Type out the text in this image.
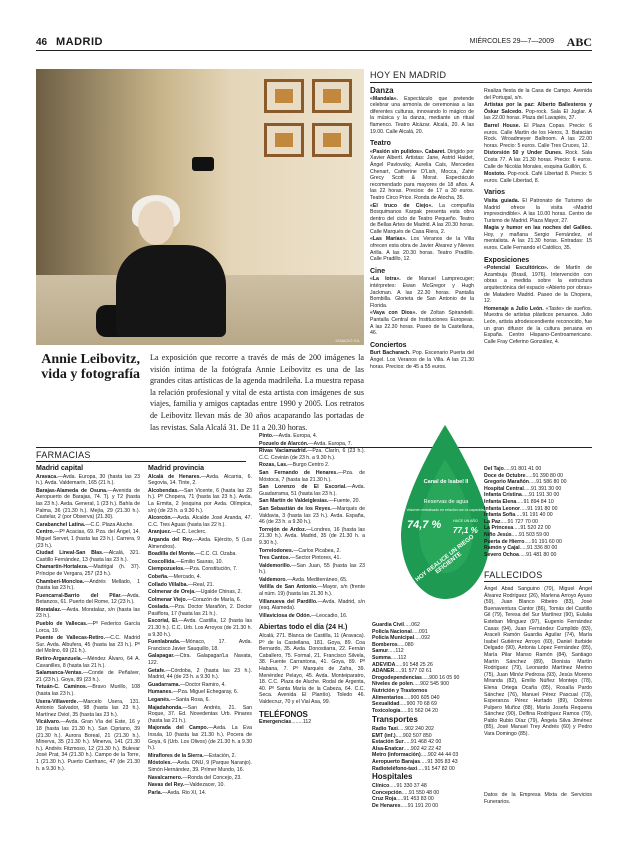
46 MADRID	MIÉRCOLES 29—7—2009 ABC
IGNACIO GIL
Annie Leibovitz, vida y fotografía
La exposición que recorre a través de más de 200 imágenes la visión íntima de la fotógrafa Annie Leibovitz es una de las grandes citas artísticas de la agenda madrileña. La muestra repasa la relación profesional y vital de esta artista con imágenes de sus viajes, familia y amigos captadas entre 1990 y 2005. Los retratos de Leibovitz llevan más de 30 años acaparando las portadas de las revistas. Sala Alcalá 31. De 11 a 20.30 horas.
HOY EN MADRID
Danza

«Mandala». Espectáculo que pretende celebrar una armonía de ceremonias a las diferentes culturas, innovando lo mágico de la música y la danza, mediante un ritual flamenco. Teatro Alcázar. Alcalá, 20. A las 19.00. Calle Alcalá, 20.

Teatro

«Pasión sin pulidos». Cabaret. Dirigido por Xavier Albertí. Artistas: Jane, Astrid Haidet, Ángel Pavlovsky, Aurelia Caís, Mercedes Chenart, Catherine D'Lish, Mocca, Zahir Grecy Scott & Morat. Espectáculo recomendado para mayores de 18 años. A las 22 horas. Precios: de 17 a 30 euros. Teatro Circo Price. Ronda de Atocha, 35.

«El truco de Ciejo». La compañía Bosquimanos Karpak presenta esta obra dentro del ciclo de Teatro Pequeño. Teatro de Bellas Artes de Madrid. A las 20.30 horas. Calle Marqués de Casa Riera, 2.

«Las Marías». Los Veranos de la Villa ofrecen esta obra de Javier Álvarez y Nieves Arilla. A las 20.30 horas. Teatro Pradillo. Calle Pradillo, 12.

Cine

«La lotra». de Manuel Lamprecuger; intérpretes: Ewan McGregor y Hugh Jackman. A las 22.30 horas. Pantalla Bombilla. Glorieta de San Antonio de la Florida.

«Vaya con Dios». de Zoltan Spirandelli. Pantalla Central de Instituciones Europeas. A las 22.30 horas. Paseo de la Castellana, 46.

Conciertos

Burt Bacharach. Pop. Escenario Puerta del Ángel. Los Veranos de la Villa. A las 21.30 horas. Precios: de 45 a 55 euros.

Realiza fiesta de la Casa de Campo. Avenida del Portugal, s/n.

Artistas por la paz: Alberto Ballesteros y Óskar Salcedo. Pop-rock. Sala El Juglar. A las 22.00 horas. Plaza del Lavapiés, 37.

Barrel House. El Plaza Copas. Precio: 6 euros. Calle Martín de los Heros, 3. Batacián Rock. Wroadmeyer Ballroom. A las 22.00 horas. Precio: 5 euros. Calle Tres Cruces, 12.

Distorsión 50 y Under Dunes. Rock. Sala Costa 77. A las 21.30 horas. Precio: 6 euros. Calle de Nicolás Morales, esquina Guillón, 6.

Mostoto. Pop-rock. Café Libertad 8. Precio: 5 euros. Calle Libertad, 8.

Varios

Visita guiada. El Patronato de Turismo de Madrid ofrece la visita «Madrid imprescindible». A las 10.00 horas. Centro de Turismo de Madrid. Plaza Mayor, 27.

Magia y humor en las noches del Galileo. Hoy, y mañana Sergio Fernández, el mentalista. A las 21.30 horas. Entradas: 15 euros. Calle Fernando el Católico, 35.

Exposiciones

«Potencial Escultórico». de Martín de Azambuja (Brasil, 1976). Intervención con obras a medida sobre la estructura arquitectónica del espacio «Abierto por obras» de Matadero Madrid. Paseo de la Chopera, 12.

Homenaje a Julio León. «Taste» de sueños. Muestra de artistas plásticos peruanos. Julio León, artista afrodescendiente reconocido, fue un gran difusor de la cultura peruana en España. Centro Hispano-Centroamericano. Calle Fray Ceferino González, 4.

FARMACIAS
Madrid capital

Aravaca.—Avda. Europa, 30 (hasta las 23 h.). Avda. Valdemarín, 165 (21 h.).

Barajas-Alameda de Osuna.—Avenida de Aeropuerto de Barajas, 74. Tj. y T2 (hasta las 23 h.). Avda. General, 1 (23 h.). Bahía de Palma, 36 (21.30 h.). Mejía, 29 (21.30 h.). Castelar, 2 (por Observa) (21.30).

Carabanchel Latina.—C.C. Plaza Aluche.

Centro.—Pº Acacias, 69. Pza. del Ángel, 14. Miguel Servet, 1 (hasta las 23 h.). Carrera, 9 (23 h.).

Ciudad Lineal-San Blas.—Alcalá, 321. Castillo Fernández, 13 (hasta las 23 h.).

Chamartín-Hortaleza.—Madrigal (h. 37). Príncipe de Vergara, 257 (23 h.).

Chamberí-Moncloa.—Andrés Mellado, 1 (hasta las 23 h.).

Fuencarral-Barrio del Pilar.—Avda. Betanzos, 61. Puerto del Rome, 12 (23 h.).

Moratalaz.—Avda. Moratalaz, s/n (hasta las 23 h.).

Pueblo de Vallecas.—Pº Federico García Lorca, 19.

Puente de Vallecas-Retiro.—C.C. Madrid Sur. Avda. Albufera, 45 (hasta las 23 h.). Pº del Molino, 69 (21 h.).

Retiro-Arganzuela.—Méndez Álvaro, 64 A. Cavanilles, 8 (hasta las 21 h.).

Salamanca-Ventas.—Conde de Peñalver, 21 (23 h.). Goya, 89 (23 h.).

Tetuán-C. Caminos.—Bravo Murillo, 108 (hasta las 23 h.).

Usera-Villaverde.—Marcelo Usera, 131. Antonio Salvador, 98 (hasta las 23 h.). Martínez Oviol, 35 (hasta las 23 h.).

Vicálvaro.—Avda. Gran Vía del Este, 16 y 18 (hasta las 21.30 h.). San Cipriano, 39 (21.30 h.). Aurora Boreal, 21 (21.30 h.). Minerva, 35 (21.30 h.). Minerva, 141 (21.30 h.). Andrés Fitzmoso, 12 (21.30 h.). Bulevar José Prat, 34 (21.30 h.). Campo de la Torre, 1 (21.30 h.). Puerto Canfranc, 47 (de 21.30 h. a 9.30 h.).

Madrid provincia

Alcalá de Henares.—Avda. Alcarria, 6. Segovia, 14. Tinte, 2.

Alcobendas.—San Vicente, 6 (hasta las 23 h.). Pº Chopera, 71 (hasta las 23 h.). Avda. La Ermita, 2 (esquina por Avda. Olímpica, s/n) (de 23 h. a 9.30 h.).

Alcorcón.—Avda. Alcalde José Aranda, 47. C.C. Tres Aguas (hasta las 22 h.).

Aranjuez.—C.C. Leclerc.

Arganda del Rey.—Avda. Ejército, 5 (Los Almendros).

Boadilla del Monte.—C.C. Cl. Ozaba.

Coscollida.—Emilio Sauras, 10.

Ciempozuelos.—Pza. Constitución, 7.

Cobeña.—Mercado, 4.

Collado Villalba.—Real, 21.

Colmenar de Oreja.—Ugalde Chinas, 2.

Colmenar Viejo.—Corazón de María, 6.

Coslada.—Pza. Doctor Marañón, 2. Doctor Pasiflora, 17 (hasta las 21 h.).

Escorial, El.—Avda. Castilla, 12 (hasta las 21.30 h.). C.C. Urb. Los Arroyos (de 21.30 h. a 9.30 h.).

Fuenlabrada.—Mónaco, 17. Avda. Francisco Javier Sauquillo, 18.

Galapagar.—Ctra. Galapagar/La Navata, 122.

Getafe.—Córdoba, 2 (hasta las 23 h.). Madrid, 44 (de 23 h. a 9.30 h.).

Guadarrama.—Doctor Ramiro, 4.

Humanes.—Pza. Miguel Echegaray, 6.

Leganés.—Santa Rosa, 6.

Majadahonda.—San Andrés, 21. San Roque, 37. Ed. Novedentas Urb. Pinares (hasta las 21 h.).

Majorada del Campo.—Avda. La Eva Insula, 10 (hasta las 21.30 h.). Pocera de Goya, 6 (Urb. Los Olivos) (de 21.30 h. a 9.30 h.).

Miraflores de la Sierra.—Estación, 2.

Móstoles.—Avda. ONU, 9 (Parque Naranjo). Simón Hernández, 39. Prímer Mundo, 16.

Navalcarnero.—Ronda del Concejo, 23.

Navas del Rey.—Valdezacer, 10.

Parla.—Avda. Rio XI, 14.

Pinto.—Avda. Europa, 4.

Pozuelo de Alarcón.—Avda. Europa, 7.

Rivas Vaciamadrid.—Pza. Clarín, 6 (23 h.). C.C. Covirán (de 23 h. a 9.30 h.).

Rozas, Las.—Burgo Centro 2.

San Fernando de Henares.—Pza. de Móstoca, 7 (hasta las 21.30 h.).

San Lorenzo de El Escorial.—Avda. Guadarrama, 51 (hasta las 23 h.).

San Martín de Valdeiglesias.—Fuente, 20.

San Sebastián de los Reyes.—Marqués de Valdavia, 3 (hasta las 23 h.). Avda. España, 46 (de 23 h. a 9.30 h.).

Torrejón de Ardoz.—Londres, 16 (hasta las 21.30 h.). Avda. Madrid, 35 (de 21.30 h. a 9.30 h.).

Torrelodones.—Carlos Picabea, 2.

Tres Cantos.—Sector Pintores, 41.

Valdemorillo.—San Juan, 55 (hasta las 23 h.).

Valdemoro.—Avda. Mediterráneo, 65.

Velilla de San Antonio.—Mayor, s/n (frente al núm. 19) (hasta las 21.30 h.).

Villanueva del Pardillo.—Avda. Madrid, s/n (esq. Alameda).

Villaviciosa de Odón.—Leocadio, 16.

Abiertas todo el día (24 H.)

Alcalá, 271. Blanca de Castilla, 11 (Aravaca). Pº de la Castellana, 181. Goya, 89. Coa Bernardo, 35. Avda. Donostiarra, 22. Fernán Caballero, 75. Formal, 21. Francisco Silvela, 38. Fuente Carrantona, 41. Goya, 89. Pº Habana, 7. Pº Marqués de Zafra, 39. Menéndez Pelayo, 45. Avda. Monteiparatro, 18. C.C. Plaza de Aluche. Rodal de Argenta, 40. Pº Santa María de la Cabeza, 64. C.C. Seca. Avenida El Plantío). Toledo 46. Valdecruz, 70 y el Vial Asa, 99.

TELÉFONOS

Emergencias........112

Canal de Isabel II
Reservas de agua
Volumen embalsado en relación con la capacidad
74,7 %	HACE UN AÑO
77,1 %
HOY REALICE UN RIEGO EFICIENTE

Guardia Civil.....062

Policía Nacional.....091

Policía Municipal.....092

Bomberos.....080

Samur.....112

Summa.....112

ADEVIDA.....91 548 25 26

ADANER.....91 577 02 61

Drogodependencias.....900 16 05 90

Niveles de polen.....902 545 900

Nutrición y Trastornos

Alimentarios.....900 605 040

Sexualidad.....900 70 68 69

Toxicología.....91 562 04 20

Transportes

Radio Taxi.....902 240 202

EMT (inf.).....902 507 850

Estación Sur.....91 468 42 00

Alsa-Enatcar.....902 42 22 42

Metro (información).....902 44 44 03

Aeropuerto Barajas.....91 305 83 43

Radioteléfono-taxi.....91 547 82 00

Hospitales

Clínico.....91 330 37 48

Concepción.....91 550 48 00

Cruz Roja.....91 453 83 00

De Henares.....91 191 20 00

Del Tajo.....91 801 41 00

Doce de Octubre.....91 390 80 00

Gregorio Marañón.....91 586 80 00

Hospital Central.....91 391 30 00

Infanta Cristina.....91 191 30 00

Infanta Elena.....91 894 84 10

Infanta Leonor.....91 191 80 00

Infanta Sofía.....91 191 40 00

La Paz.....91 727 70 00

La Princesa.....91 520 22 00

Niño Jesús.....91 503 59 00

Puerta de Hierro.....91 191 60 00

Ramón y Cajal.....91 336 80 00

Severo Ochoa.....91 481 80 00

FALLECIDOS
Ángel Abad Sanguino (70), Miguel Ángel Álvarez Rodríguez (26), Marlena Arroyo Ayuso (59), Juan Blanco Ribeiro (83), José Buenaventura Cantor (86), Tomás del Castillo Gil (79), Teresa del Sur Martínez (90), Eulalia Esteban Minguez (97), Eugenio Fernández Casas (94), Juan Fernández Cumplido (83), Araceli Ramón Guardia Aguilar (74), María Isabel Gutiérrez Arroyo (60), Daniel Iturbide Delgado (90), Antonia López Fernández (85), María Pilar Manso Ramón (84), Santiago Martín Sánchez (89), Dionisia Martín Rodríguez (79), Leonardo Martínez Merino (75), Juan Minóz Pedrosa (93), Jesús Moreno Miranda (82), Emilio Núñez Montejo (78), Elena Ortega Ocaña (85), Rosalía Pardo Sánchez (76), Manuel Pérez Pascual (73), Esperanza Pérez Hurtado (89), Dolores Pulpero Muñoz (88), María Josefa Requena Sánchez (90), Delfina Rodríguez Ramos (79), Pablo Rubio Díaz (79), Ángela Silva Jiménez (85), José Manuel Trey Andrés (60) y Pedro Vara Domingo (85).
Datos de la Empresa Mixta de Servicios Funerarios.
